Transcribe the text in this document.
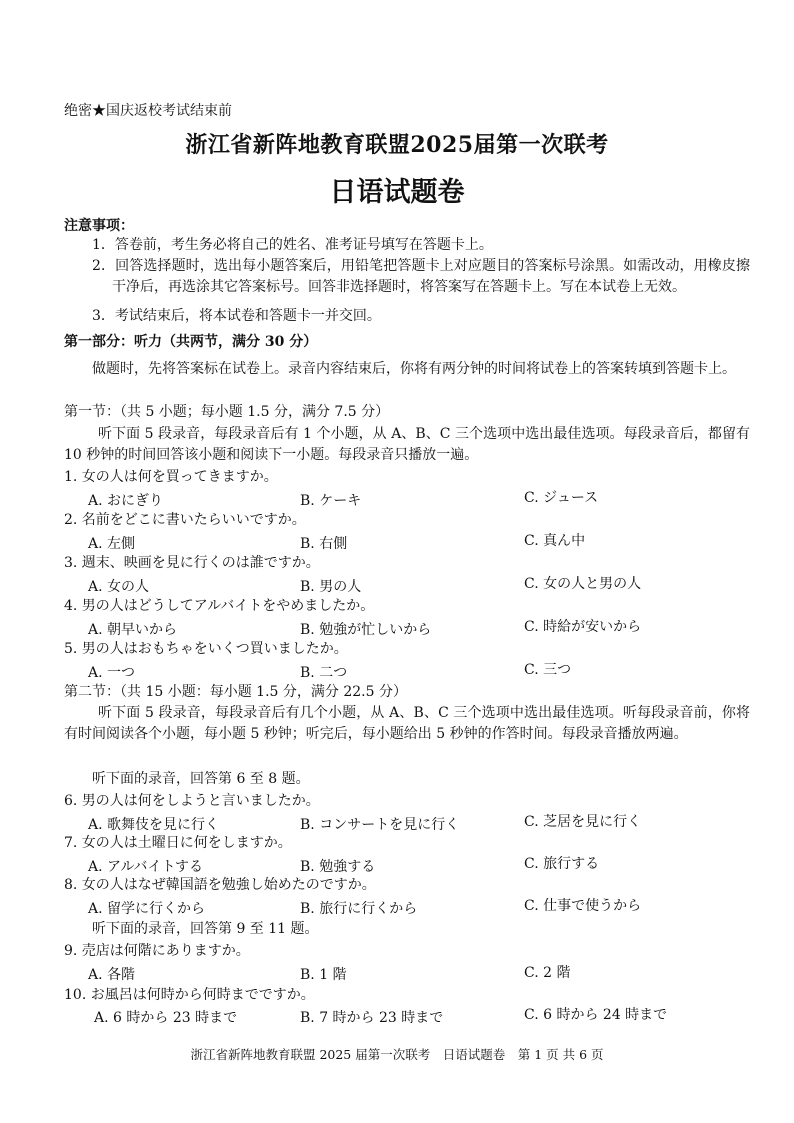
绝密★国庆返校考试结束前
浙江省新阵地教育联盟2025届第一次联考
日语试题卷
注意事项：
1．答卷前，考生务必将自己的姓名、准考证号填写在答题卡上。
2．回答选择题时，选出每小题答案后，用铅笔把答题卡上对应题目的答案标号涂黑。如需改动，用橡皮擦干净后，再选涂其它答案标号。回答非选择题时，将答案写在答题卡上。写在本试卷上无效。
3．考试结束后，将本试卷和答题卡一并交回。
第一部分：听力（共两节，满分 30 分）
做题时，先将答案标在试卷上。录音内容结束后，你将有两分钟的时间将试卷上的答案转填到答题卡上。
第一节：（共 5 小题；每小题 1.5 分，满分 7.5 分）
听下面 5 段录音，每段录音后有 1 个小题，从 A、B、C 三个选项中选出最佳选项。每段录音后，都留有 10 秒钟的时间回答该小题和阅读下一小题。每段录音只播放一遍。
1. 女の人は何を買ってきますか。
A. おにぎり	B. ケーキ	C. ジュース
2. 名前をどこに書いたらいいですか。
A. 左側	B. 右側	C. 真ん中
3. 週末、映画を見に行くのは誰ですか。
A. 女の人	B. 男の人	C. 女の人と男の人
4. 男の人はどうしてアルバイトをやめましたか。
A. 朝早いから	B. 勉強が忙しいから	C. 時給が安いから
5. 男の人はおもちゃをいくつ買いましたか。
A. 一つ	B. 二つ	C. 三つ
第二节：（共 15 小题：每小题 1.5 分，满分 22.5 分）
听下面 5 段录音，每段录音后有几个小题，从 A、B、C 三个选项中选出最佳选项。听每段录音前，你将有时间阅读各个小题，每小题 5 秒钟；听完后，每小题给出 5 秒钟的作答时间。每段录音播放两遍。
听下面的录音，回答第 6 至 8 题。
6. 男の人は何をしようと言いましたか。
A. 歌舞伎を見に行く	B. コンサートを見に行く	C. 芝居を見に行く
7. 女の人は土曜日に何をしますか。
A. アルバイトする	B. 勉強する	C. 旅行する
8. 女の人はなぜ韓国語を勉強し始めたのですか。
A. 留学に行くから	B. 旅行に行くから	C. 仕事で使うから
听下面的录音，回答第 9 至 11 题。
9. 売店は何階にありますか。
A. 各階	B. 1 階	C. 2 階
10. お風呂は何時から何時までですか。
A. 6 時から 23 時まで	B. 7 時から 23 時まで	C. 6 時から 24 時まで
浙江省新阵地教育联盟 2025 届第一次联考　日语试题卷　第 1 页 共 6 页
